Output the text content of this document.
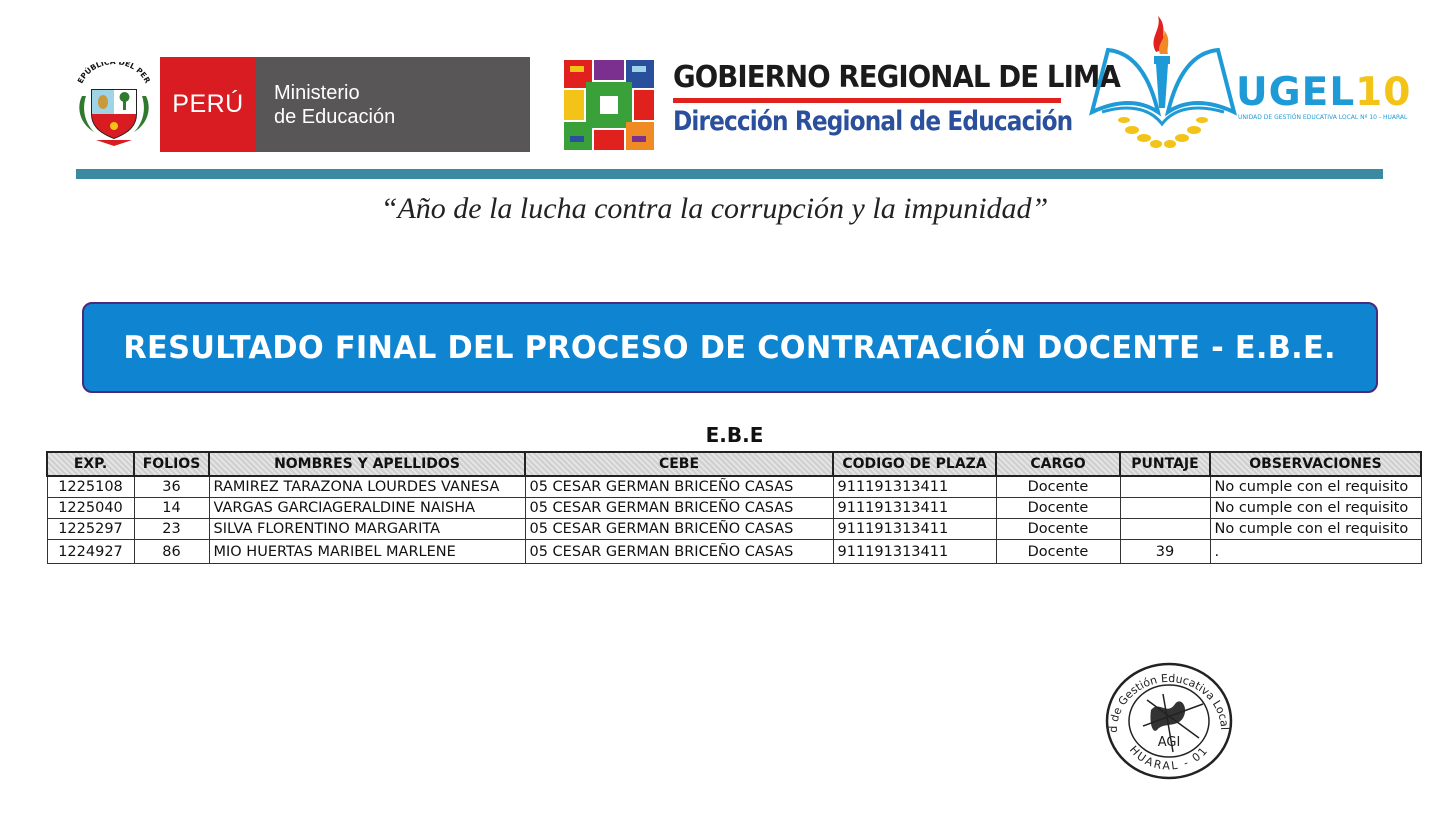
EPÚBLIC DEL PER
PERÚ	Ministerio
de Educación
GOBIERNO REGIONAL DE LIMA
Dirección Regional de Educación
UGEL10
UNIDAD DE GESTIÓN EDUCATIVA LOCAL Nº 10 - HUARAL
“Año de la lucha contra la corrupción y la impunidad”
RESULTADO FINAL DEL PROCESO DE CONTRATACIÓN DOCENTE - E.B.E.
E.B.E
EXP.	FOLIOS	NOMBRES Y APELLIDOS	CEBE	CODIGO DE PLAZA	CARGO	PUNTAJE	OBSERVACIONES
1225108	36	RAMIREZ TARAZONA LOURDES VANESA	05 CESAR GERMAN BRICEÑO CASAS	911191313411	Docente		No cumple con el requisito
1225040	14	VARGAS GARCIAGERALDINE NAISHA	05 CESAR GERMAN BRICEÑO CASAS	911191313411	Docente		No cumple con el requisito
1225297	23	SILVA FLORENTINO MARGARITA	05 CESAR GERMAN BRICEÑO CASAS	911191313411	Docente		No cumple con el requisito
1224927	86	MIO HUERTAS MARIBEL MARLENE	05 CESAR GERMAN BRICEÑO CASAS	911191313411	Docente	39	.
d de Gestión Educativa Local
HUARAL - 01
AGI
